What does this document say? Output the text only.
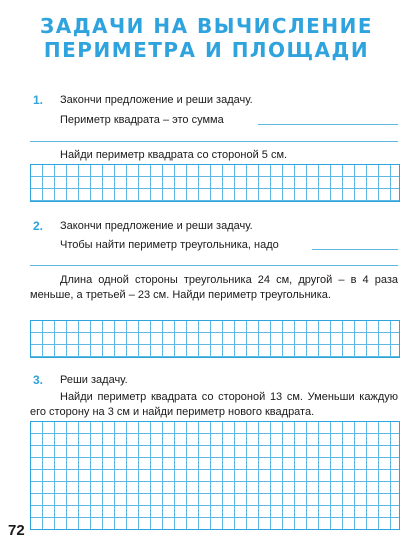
ЗАДАЧИ НА ВЫЧИСЛЕНИЕ
ПЕРИМЕТРА И ПЛОЩАДИ
1. Закончи предложение и реши задачу.
Периметр квадрата – это сумма
Найди периметр квадрата со стороной 5 см.
2. Закончи предложение и реши задачу.
Чтобы найти периметр треугольника, надо
Длина одной стороны треугольника 24 см, другой – в 4 раза меньше, а третьей – 23 см. Найди периметр треугольника.
3. Реши задачу.
Найди периметр квадрата со стороной 13 см. Уменьши каждую его сторону на 3 см и найди периметр нового квадрата.
72
